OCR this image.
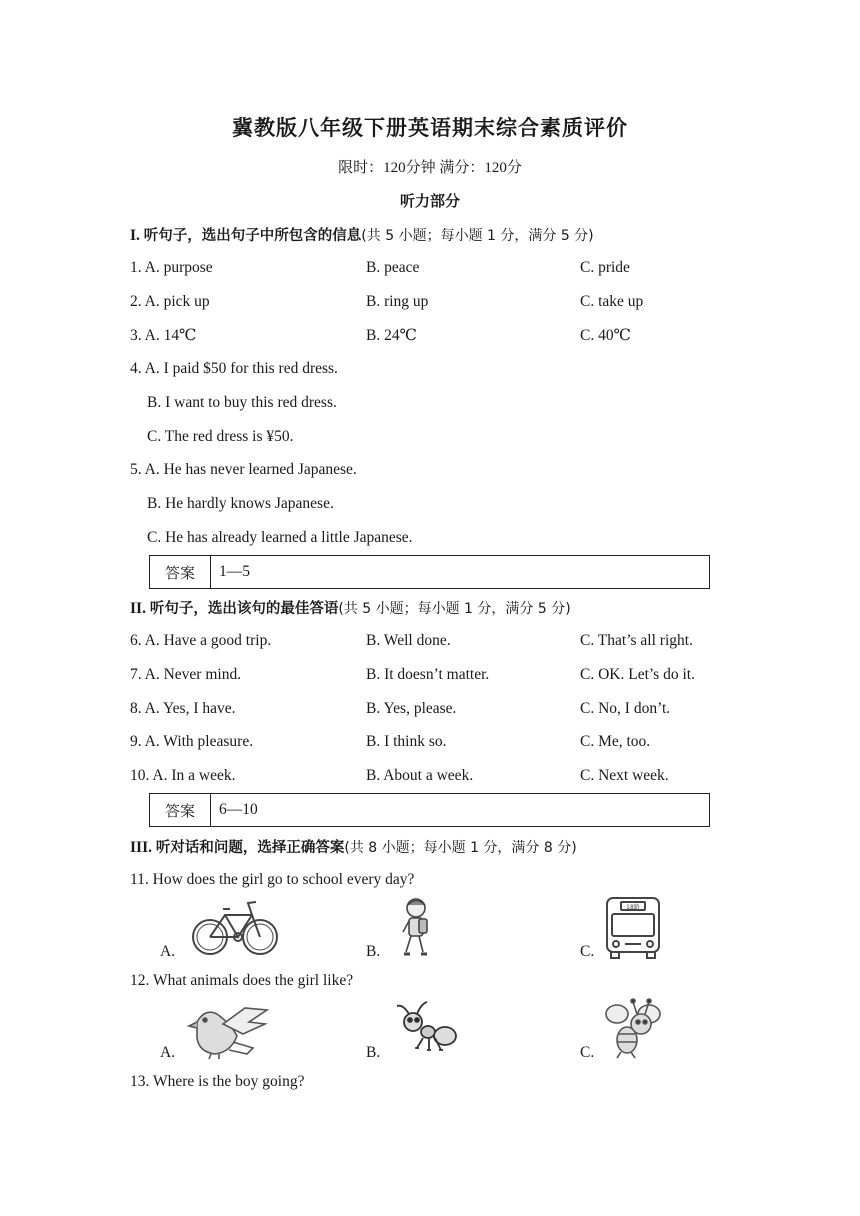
冀教版八年级下册英语期末综合素质评价
限时：120分钟 满分：120分
听力部分
I. 听句子，选出句子中所包含的信息(共 5 小题；每小题 1 分，满分 5 分)
1. A. purpose	B. peace	C. pride
2. A. pick up	B. ring up	C. take up
3. A. 14℃	B. 24℃	C. 40℃
4. A. I paid $50 for this red dress.
B. I want to buy this red dress.
C. The red dress is ¥50.
5. A. He has never learned Japanese.
B. He hardly knows Japanese.
C. He has already learned a little Japanese.
答案	1—5
II. 听句子，选出该句的最佳答语(共 5 小题；每小题 1 分，满分 5 分)
6. A. Have a good trip.	B. Well done.	C. That’s all right.
7. A. Never mind.	B. It doesn’t matter.	C. OK. Let’s do it.
8. A. Yes, I have.	B. Yes, please.	C. No, I don’t.
9. A. With pleasure.	B. I think so.	C. Me, too.
10. A. In a week.	B. About a week.	C. Next week.
答案	6—10
III. 听对话和问题，选择正确答案(共 8 小题；每小题 1 分，满分 8 分)
11. How does the girl go to school every day?
A.	B.	C.
18路
12. What animals does the girl like?
A.	B.	C.
13. Where is the boy going?
